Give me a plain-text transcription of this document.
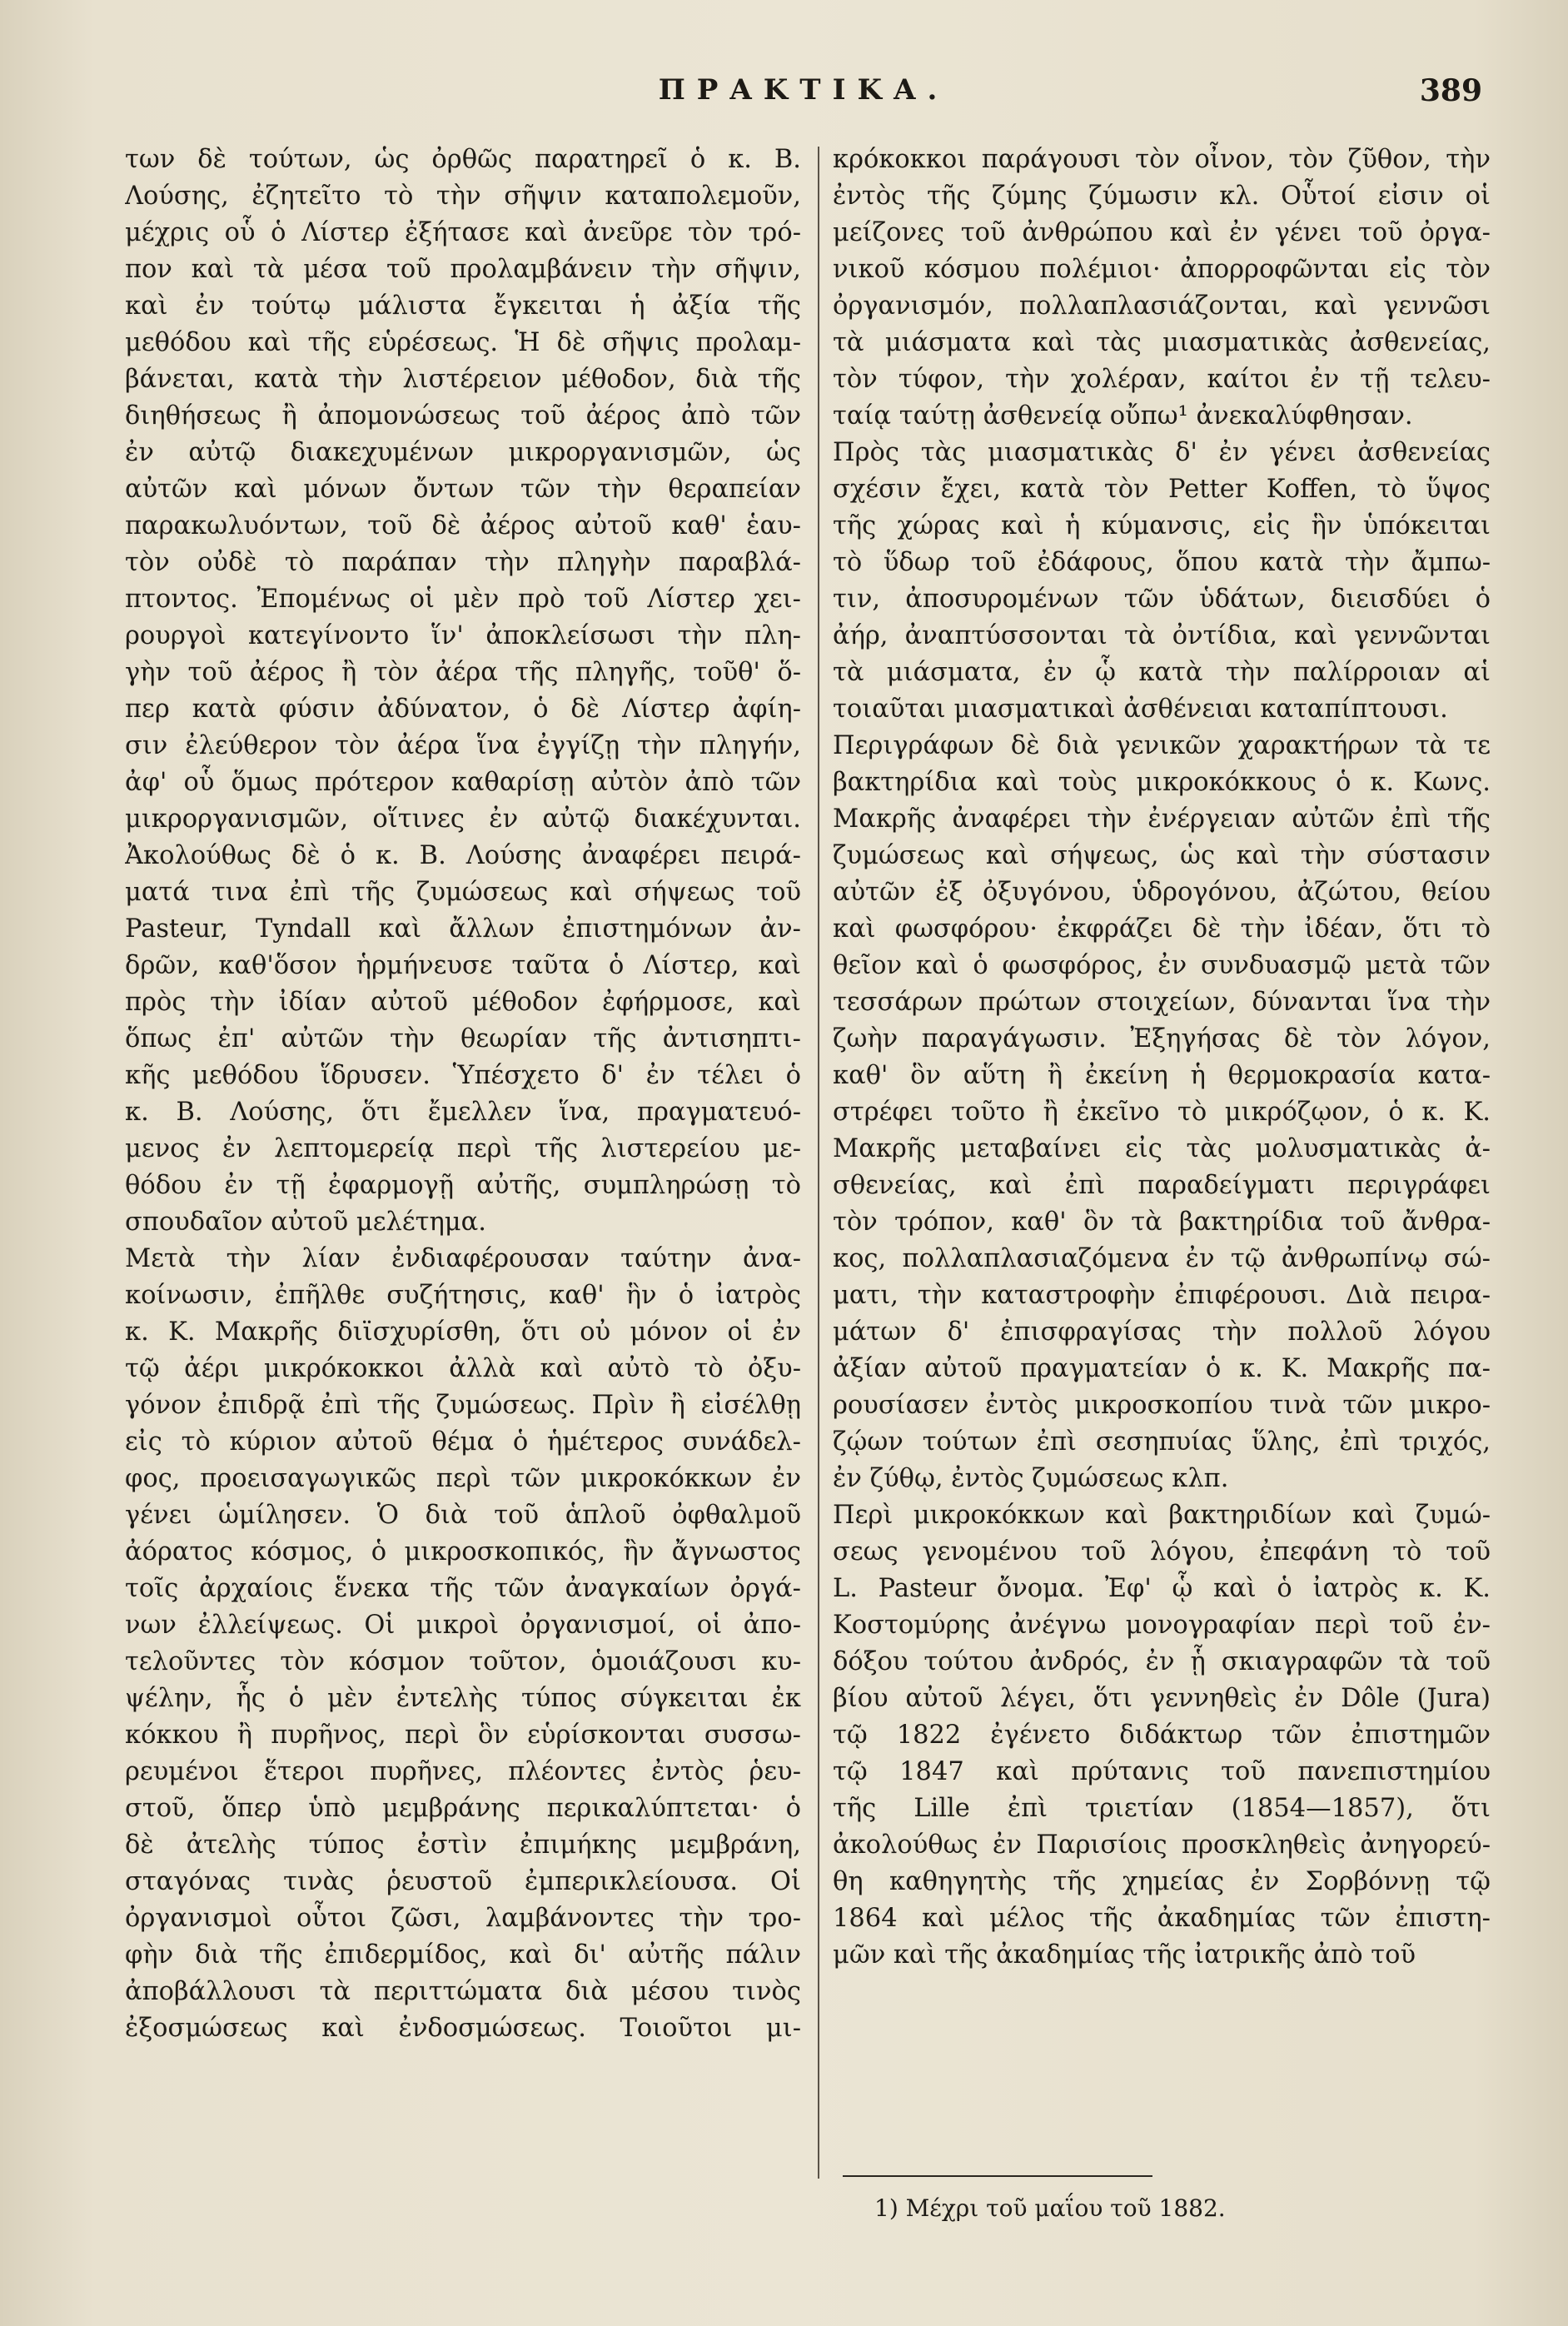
ΠΡΑΚΤΙΚΑ.	389
των δὲ τούτων, ὡς ὀρθῶς παρατηρεῖ ὁ κ. Β.
Λούσης, ἐζητεῖτο τὸ τὴν σῆψιν καταπολεμοῦν,
μέχρις οὗ ὁ Λίστερ ἐξήτασε καὶ ἀνεῦρε τὸν τρό-
πον καὶ τὰ μέσα τοῦ προλαμβάνειν τὴν σῆψιν,
καὶ ἐν τούτῳ μάλιστα ἔγκειται ἡ ἀξία τῆς
μεθόδου καὶ τῆς εὑρέσεως. Ἡ δὲ σῆψις προλαμ-
βάνεται, κατὰ τὴν λιστέρειον μέθοδον, διὰ τῆς
διηθήσεως ἢ ἀπομονώσεως τοῦ ἀέρος ἀπὸ τῶν
ἐν αὐτῷ διακεχυμένων μικροργανισμῶν, ὡς
αὐτῶν καὶ μόνων ὄντων τῶν τὴν θεραπείαν
παρακωλυόντων, τοῦ δὲ ἀέρος αὐτοῦ καθ' ἑαυ-
τὸν οὐδὲ τὸ παράπαν τὴν πληγὴν παραβλά-
πτοντος. Ἐπομένως οἱ μὲν πρὸ τοῦ Λίστερ χει-
ρουργοὶ κατεγίνοντο ἵν' ἀποκλείσωσι τὴν πλη-
γὴν τοῦ ἀέρος ἢ τὸν ἀέρα τῆς πληγῆς, τοῦθ' ὅ-
περ κατὰ φύσιν ἀδύνατον, ὁ δὲ Λίστερ ἀφίη-
σιν ἐλεύθερον τὸν ἀέρα ἵνα ἐγγίζῃ τὴν πληγήν,
ἀφ' οὗ ὅμως πρότερον καθαρίσῃ αὐτὸν ἀπὸ τῶν
μικροργανισμῶν, οἵτινες ἐν αὐτῷ διακέχυνται.
Ἀκολούθως δὲ ὁ κ. Β. Λούσης ἀναφέρει πειρά-
ματά τινα ἐπὶ τῆς ζυμώσεως καὶ σήψεως τοῦ
Pasteur, Tyndall καὶ ἄλλων ἐπιστημόνων ἀν-
δρῶν, καθ'ὅσον ἡρμήνευσε ταῦτα ὁ Λίστερ, καὶ
πρὸς τὴν ἰδίαν αὐτοῦ μέθοδον ἐφήρμοσε, καὶ
ὅπως ἐπ' αὐτῶν τὴν θεωρίαν τῆς ἀντισηπτι-
κῆς μεθόδου ἵδρυσεν. Ὑπέσχετο δ' ἐν τέλει ὁ
κ. Β. Λούσης, ὅτι ἔμελλεν ἵνα, πραγματευό-
μενος ἐν λεπτομερείᾳ περὶ τῆς λιστερείου με-
θόδου ἐν τῇ ἐφαρμογῇ αὐτῆς, συμπληρώσῃ τὸ
σπουδαῖον αὐτοῦ μελέτημα.
Μετὰ τὴν λίαν ἐνδιαφέρουσαν ταύτην ἀνα-
κοίνωσιν, ἐπῆλθε συζήτησις, καθ' ἣν ὁ ἰατρὸς
κ. Κ. Μακρῆς διϊσχυρίσθη, ὅτι οὐ μόνον οἱ ἐν
τῷ ἀέρι μικρόκοκκοι ἀλλὰ καὶ αὐτὸ τὸ ὀξυ-
γόνον ἐπιδρᾷ ἐπὶ τῆς ζυμώσεως. Πρὶν ἢ εἰσέλθῃ
εἰς τὸ κύριον αὐτοῦ θέμα ὁ ἡμέτερος συνάδελ-
φος, προεισαγωγικῶς περὶ τῶν μικροκόκκων ἐν
γένει ὡμίλησεν. Ὁ διὰ τοῦ ἁπλοῦ ὀφθαλμοῦ
ἀόρατος κόσμος, ὁ μικροσκοπικός, ἣν ἄγνωστος
τοῖς ἀρχαίοις ἕνεκα τῆς τῶν ἀναγκαίων ὀργά-
νων ἐλλείψεως. Οἱ μικροὶ ὀργανισμοί, οἱ ἀπο-
τελοῦντες τὸν κόσμον τοῦτον, ὁμοιάζουσι κυ-
ψέλην, ἧς ὁ μὲν ἐντελὴς τύπος σύγκειται ἐκ
κόκκου ἢ πυρῆνος, περὶ ὃν εὑρίσκονται συσσω-
ρευμένοι ἕτεροι πυρῆνες, πλέοντες ἐντὸς ῥευ-
στοῦ, ὅπερ ὑπὸ μεμβράνης περικαλύπτεται· ὁ
δὲ ἀτελὴς τύπος ἐστὶν ἐπιμήκης μεμβράνη,
σταγόνας τινὰς ῥευστοῦ ἐμπερικλείουσα. Οἱ
ὀργανισμοὶ οὗτοι ζῶσι, λαμβάνοντες τὴν τρο-
φὴν διὰ τῆς ἐπιδερμίδος, καὶ δι' αὐτῆς πάλιν
ἀποβάλλουσι τὰ περιττώματα διὰ μέσου τινὸς
ἐξοσμώσεως καὶ ἐνδοσμώσεως. Τοιοῦτοι μι-
κρόκοκκοι παράγουσι τὸν οἶνον, τὸν ζῦθον, τὴν
ἐντὸς τῆς ζύμης ζύμωσιν κλ. Οὗτοί εἰσιν οἱ
μείζονες τοῦ ἀνθρώπου καὶ ἐν γένει τοῦ ὀργα-
νικοῦ κόσμου πολέμιοι· ἀπορροφῶνται εἰς τὸν
ὀργανισμόν, πολλαπλασιάζονται, καὶ γεννῶσι
τὰ μιάσματα καὶ τὰς μιασματικὰς ἀσθενείας,
τὸν τύφον, τὴν χολέραν, καίτοι ἐν τῇ τελευ-
ταίᾳ ταύτῃ ἀσθενείᾳ οὔπω¹ ἀνεκαλύφθησαν.
Πρὸς τὰς μιασματικὰς δ' ἐν γένει ἀσθενείας
σχέσιν ἔχει, κατὰ τὸν Petter Koffen, τὸ ὕψος
τῆς χώρας καὶ ἡ κύμανσις, εἰς ἣν ὑπόκειται
τὸ ὕδωρ τοῦ ἐδάφους, ὅπου κατὰ τὴν ἄμπω-
τιν, ἀποσυρομένων τῶν ὑδάτων, διεισδύει ὁ
ἀήρ, ἀναπτύσσονται τὰ ὀντίδια, καὶ γεννῶνται
τὰ μιάσματα, ἐν ᾧ κατὰ τὴν παλίρροιαν αἱ
τοιαῦται μιασματικαὶ ἀσθένειαι καταπίπτουσι.
Περιγράφων δὲ διὰ γενικῶν χαρακτήρων τὰ τε
βακτηρίδια καὶ τοὺς μικροκόκκους ὁ κ. Κωνς.
Μακρῆς ἀναφέρει τὴν ἐνέργειαν αὐτῶν ἐπὶ τῆς
ζυμώσεως καὶ σήψεως, ὡς καὶ τὴν σύστασιν
αὐτῶν ἐξ ὀξυγόνου, ὑδρογόνου, ἀζώτου, θείου
καὶ φωσφόρου· ἐκφράζει δὲ τὴν ἰδέαν, ὅτι τὸ
θεῖον καὶ ὁ φωσφόρος, ἐν συνδυασμῷ μετὰ τῶν
τεσσάρων πρώτων στοιχείων, δύνανται ἵνα τὴν
ζωὴν παραγάγωσιν. Ἐξηγήσας δὲ τὸν λόγον,
καθ' ὃν αὕτη ἢ ἐκείνη ἡ θερμοκρασία κατα-
στρέφει τοῦτο ἢ ἐκεῖνο τὸ μικρόζῳον, ὁ κ. Κ.
Μακρῆς μεταβαίνει εἰς τὰς μολυσματικὰς ἀ-
σθενείας, καὶ ἐπὶ παραδείγματι περιγράφει
τὸν τρόπον, καθ' ὃν τὰ βακτηρίδια τοῦ ἄνθρα-
κος, πολλαπλασιαζόμενα ἐν τῷ ἀνθρωπίνῳ σώ-
ματι, τὴν καταστροφὴν ἐπιφέρουσι. Διὰ πειρα-
μάτων δ' ἐπισφραγίσας τὴν πολλοῦ λόγου
ἀξίαν αὐτοῦ πραγματείαν ὁ κ. Κ. Μακρῆς πα-
ρουσίασεν ἐντὸς μικροσκοπίου τινὰ τῶν μικρο-
ζῴων τούτων ἐπὶ σεσηπυίας ὕλης, ἐπὶ τριχός,
ἐν ζύθῳ, ἐντὸς ζυμώσεως κλπ.
Περὶ μικροκόκκων καὶ βακτηριδίων καὶ ζυμώ-
σεως γενομένου τοῦ λόγου, ἐπεφάνη τὸ τοῦ
L. Pasteur ὄνομα. Ἐφ' ᾧ καὶ ὁ ἰατρὸς κ. Κ.
Κοστομύρης ἀνέγνω μονογραφίαν περὶ τοῦ ἐν-
δόξου τούτου ἀνδρός, ἐν ᾗ σκιαγραφῶν τὰ τοῦ
βίου αὐτοῦ λέγει, ὅτι γεννηθεὶς ἐν Dôle (Jura)
τῷ 1822 ἐγένετο διδάκτωρ τῶν ἐπιστημῶν
τῷ 1847 καὶ πρύτανις τοῦ πανεπιστημίου
τῆς Lille ἐπὶ τριετίαν (1854—1857), ὅτι
ἀκολούθως ἐν Παρισίοις προσκληθεὶς ἀνηγορεύ-
θη καθηγητὴς τῆς χημείας ἐν Σορβόννῃ τῷ
1864 καὶ μέλος τῆς ἀκαδημίας τῶν ἐπιστη-
μῶν καὶ τῆς ἀκαδημίας τῆς ἰατρικῆς ἀπὸ τοῦ
1) Μέχρι τοῦ μαΐου τοῦ 1882.
